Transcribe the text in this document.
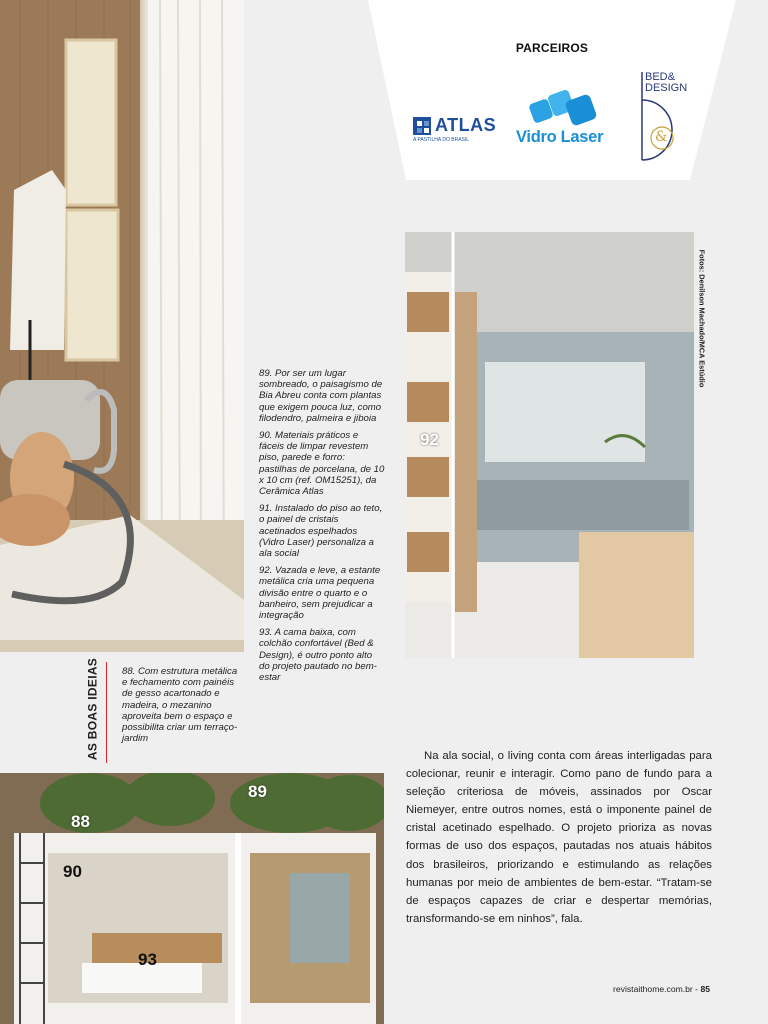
PARCEIROS
ATLAS
A PASTILHA DO BRASIL	Vidro Laser
BED&
DESIGN
&
Fotos: Denilson Machado/MCA Estúdio

89. Por ser um lugar sombreado, o paisagismo de Bia Abreu conta com plantas que exigem pouca luz, como filodendro, palmeira e jiboia

90. Materiais práticos e fáceis de limpar revestem piso, parede e forro: pastilhas de porcelana, de 10 x 10 cm (ref. OM15251), da Cerâmica Atlas

91. Instalado do piso ao teto, o painel de cristais acetinados espelhados (Vidro Laser) personaliza a ala social

92. Vazada e leve, a estante metálica cria uma pequena divisão entre o quarto e o banheiro, sem prejudicar a integração

93. A cama baixa, com colchão confortável (Bed & Design), é outro ponto alto do projeto pautado no bem-estar

AS BOAS IDEIAS 88. Com estrutura metálica e fechamento com painéis de gesso acartonado e madeira, o mezanino aproveita bem o espaço e possibilita criar um terraço-jardim

88
89
90
92
93
Na ala social, o living conta com áreas interligadas para colecionar, reunir e interagir. Como pano de fundo para a seleção criteriosa de móveis, assinados por Oscar Niemeyer, entre outros nomes, está o imponente painel de cristal acetinado espelhado. O projeto prioriza as novas formas de uso dos espaços, pautadas nos atuais hábitos dos brasileiros, priorizando e estimulando as relações humanas por meio de ambientes de bem-estar. “Tratam-se de espaços capazes de criar e despertar memórias, transformando-se em ninhos”, fala.
revistaithome.com.br - 85
